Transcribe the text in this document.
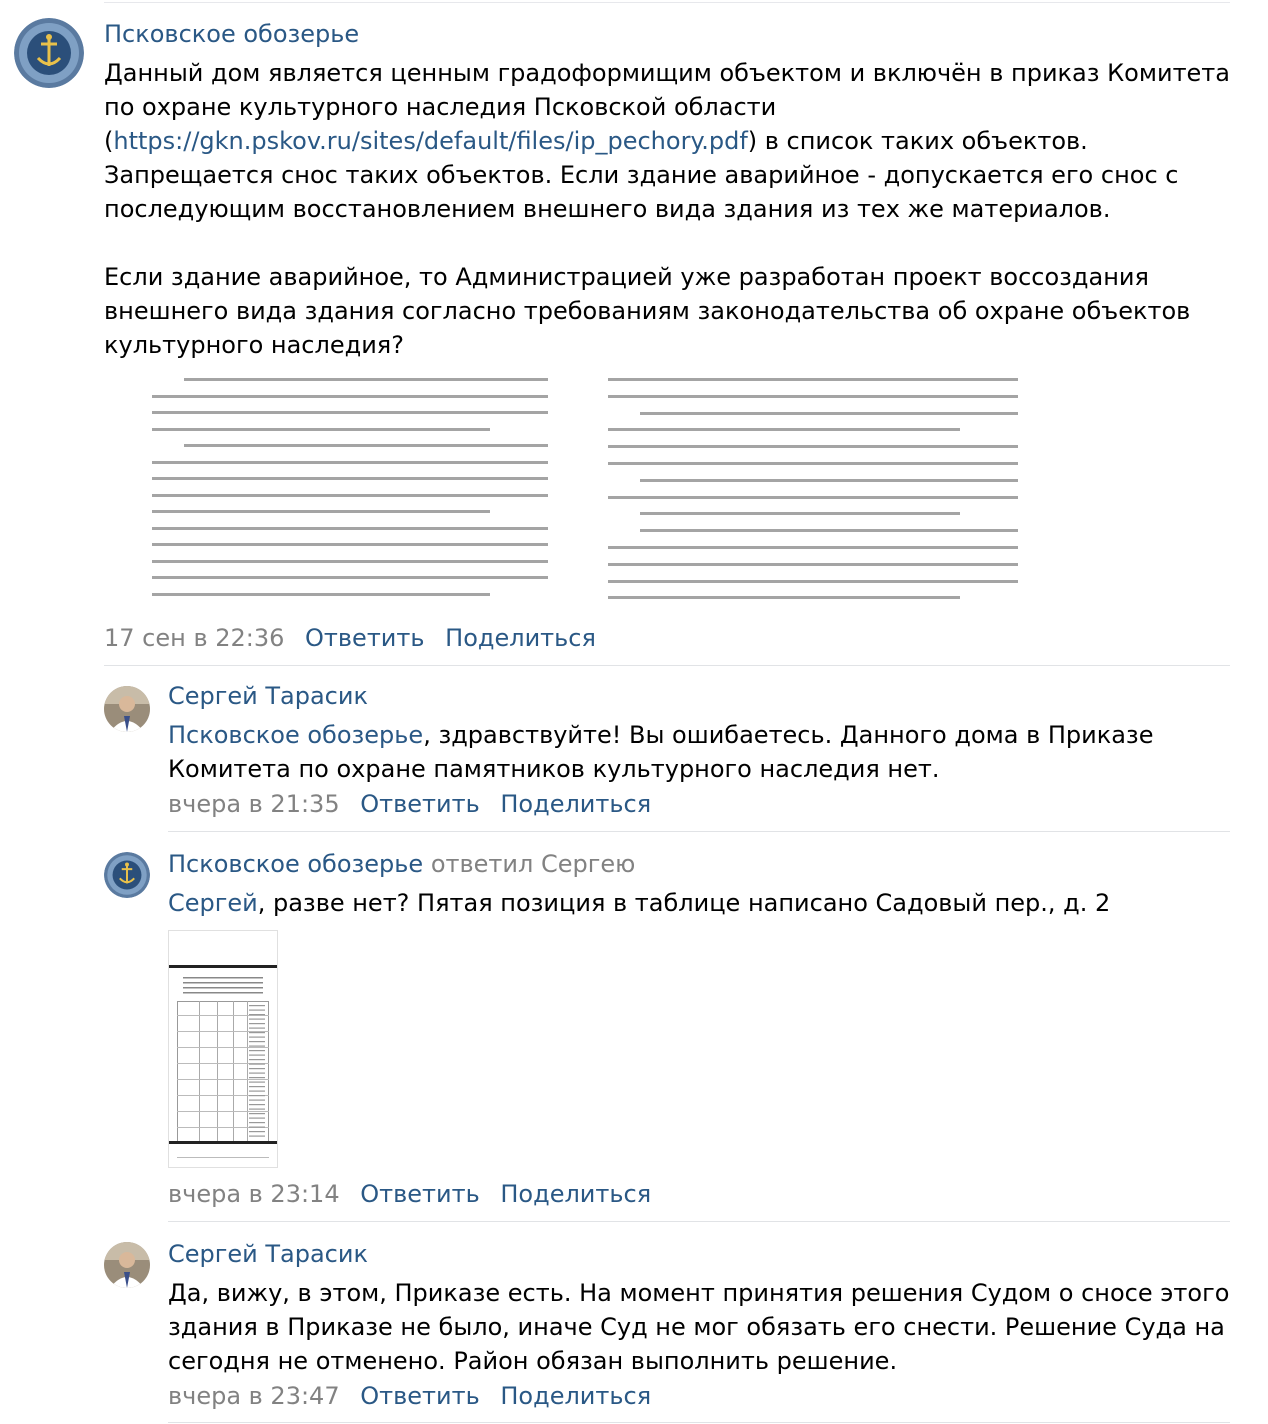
Псковское обозерье

Данный дом является ценным градоформищим объектом и включён в приказ Комитета

по охране культурного наследия Псковской области

(https://gkn.pskov.ru/sites/default/files/ip_pechory.pdf) в список таких объектов.

Запрещается снос таких объектов. Если здание аварийное - допускается его снос с

последующим восстановлением внешнего вида здания из тех же материалов.

Если здание аварийное, то Администрацией уже разработан проект воссоздания

внешнего вида здания согласно требованиям законодательства об охране объектов

культурного наследия?

17 сен в 22:36 Ответить Поделиться
Сергей Тарасик

Псковское обозерье, здравствуйте! Вы ошибаетесь. Данного дома в Приказе

Комитета по охране памятников культурного наследия нет.

вчера в 21:35 Ответить Поделиться
Псковское обозерье ответил Сергею

Сергей, разве нет? Пятая позиция в таблице написано Садовый пер., д. 2

вчера в 23:14 Ответить Поделиться
Сергей Тарасик

Да, вижу, в этом, Приказе есть. На момент принятия решения Судом о сносе этого

здания в Приказе не было, иначе Суд не мог обязать его снести. Решение Суда на

сегодня не отменено. Район обязан выполнить решение.

вчера в 23:47 Ответить Поделиться
